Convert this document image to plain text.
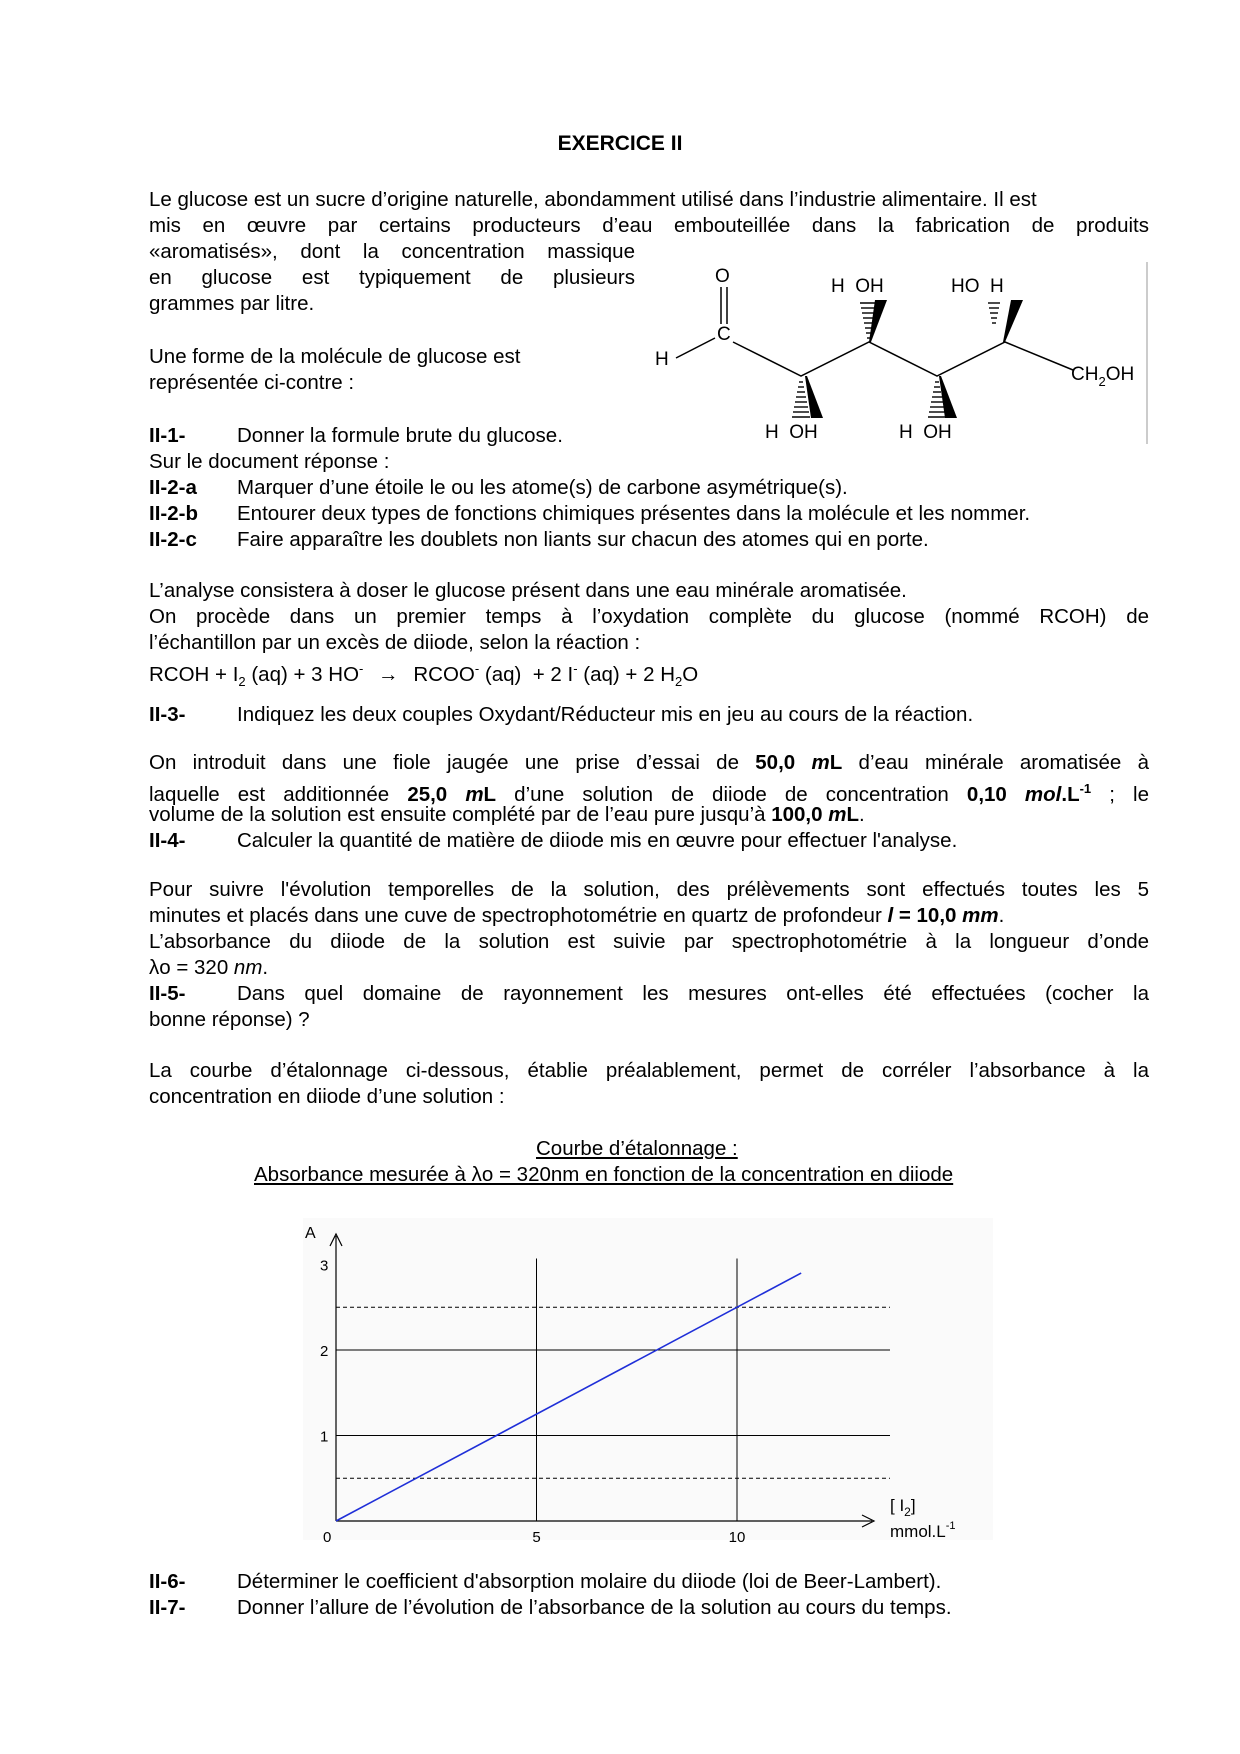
EXERCICE II
Le glucose est un sucre d’origine naturelle, abondamment utilisé dans l’industrie alimentaire. Il est
mis en œuvre par certains producteurs d’eau embouteillée dans la fabrication de produits
«aromatisés», dont la concentration massique
en glucose est typiquement de plusieurs
grammes par litre.
Une forme de la molécule de glucose est
représentée ci-contre :
O
C
H
H  OH
H  OH
H  OH
HO  H
$CH_2OH$
II-1-	Donner la formule brute du glucose.
Sur le document réponse :
II-2-a Marquer d’une étoile le ou les atome(s) de carbone asymétrique(s).
II-2-b Entourer deux types de fonctions chimiques présentes dans la molécule et les nommer.
II-2-c Faire apparaître les doublets non liants sur chacun des atomes qui en porte.
L’analyse consistera à doser le glucose présent dans une eau minérale aromatisée.
On procède dans un premier temps à l’oxydation complète du glucose (nommé RCOH) de
l’échantillon par un excès de diiode, selon la réaction :
RCOH + $I_2$ (aq) + 3 HO- → RCOO- (aq)  + 2 I- (aq) + 2 $H_2O$
II-3-	Indiquez les deux couples Oxydant/Réducteur mis en jeu au cours de la réaction.
On introduit dans une fiole jaugée une prise d’essai de 50,0 mL d’eau minérale aromatisée à
laquelle est additionnée 25,0 mL d’une solution de diiode de concentration 0,10 $mol.L^{-1}$ ; le
volume de la solution est ensuite complété par de l’eau pure jusqu’à 100,0 mL.
II-4-	Calculer la quantité de matière de diiode mis en œuvre pour effectuer l'analyse.
Pour suivre l'évolution temporelles de la solution, des prélèvements sont effectués toutes les 5
minutes et placés dans une cuve de spectrophotométrie en quartz de profondeur l = 10,0 mm.
L’absorbance du diiode de la solution est suivie par spectrophotométrie à la longueur d’onde
λo = 320 nm.
II-5-	Dans quel domaine de rayonnement les mesures ont-elles été effectuées (cocher la
bonne réponse) ?
La courbe d’étalonnage ci-dessous, établie préalablement, permet de corréler l’absorbance à la
concentration en diiode d’une solution :
Courbe d’étalonnage :
Absorbance mesurée à λo = 320nm en fonction de la concentration en diiode
5	10
0
1
2
3
A
[ $I_2$]
$mmol.L^{-1}$
II-6-	Déterminer le coefficient d'absorption molaire du diiode (loi de Beer-Lambert).
II-7-	Donner l’allure de l’évolution de l’absorbance de la solution au cours du temps.
